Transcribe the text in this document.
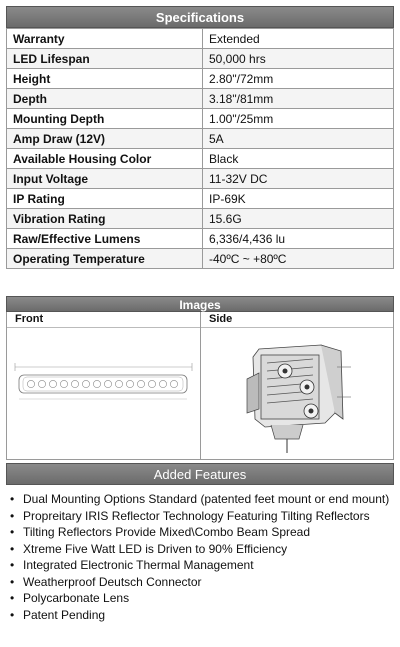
Specifications
Warranty	Extended
LED Lifespan	50,000 hrs
Height	2.80"/72mm
Depth	3.18"/81mm
Mounting Depth	1.00"/25mm
Amp Draw (12V)	5A
Available Housing Color	Black
Input Voltage	11-32V DC
IP Rating	IP-69K
Vibration Rating	15.6G
Raw/Effective Lumens	6,336/4,436 lu
Operating Temperature	-40ºC ~ +80ºC
Images
Front	Side
Added Features
• Dual Mounting Options Standard (patented feet mount or end mount)
• Propreitary IRIS Reflector Technology Featuring Tilting Reflectors
• Tilting Reflectors Provide Mixed\Combo Beam Spread
• Xtreme Five Watt LED is Driven to 90% Efficiency
• Integrated Electronic Thermal Management
• Weatherproof Deutsch Connector
• Polycarbonate Lens
• Patent Pending
